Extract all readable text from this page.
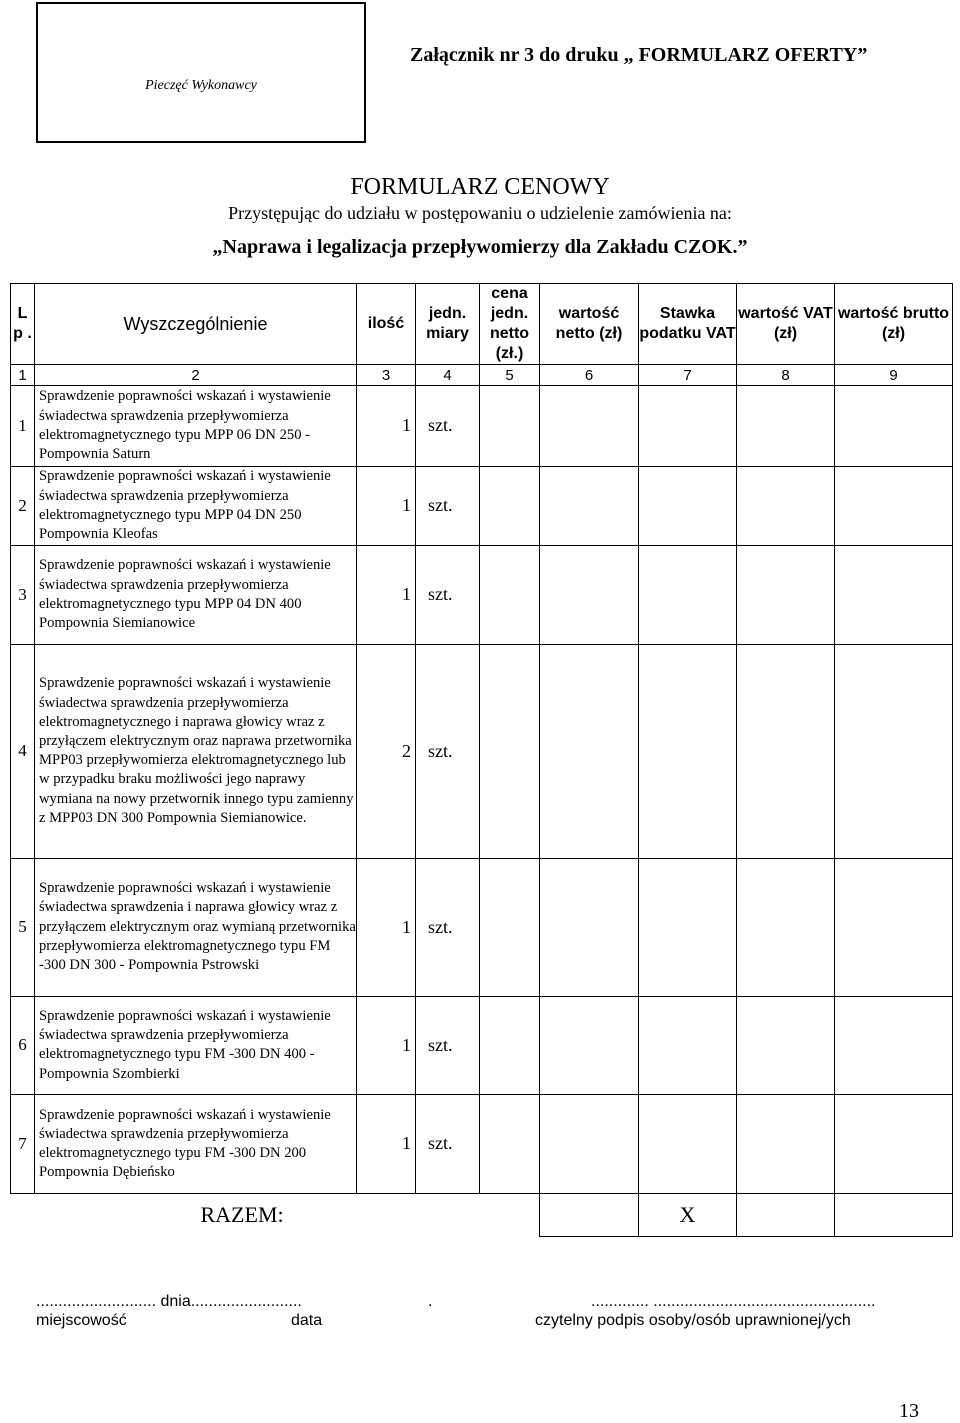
Pieczęć Wykonawcy
Załącznik nr 3 do druku „ FORMULARZ OFERTY”
FORMULARZ CENOWY
Przystępując do udziału w postępowaniu o udzielenie zamówienia na:
„Naprawa i legalizacja przepływomierzy dla Zakładu CZOK.”
L p .	Wyszczególnienie	ilość	jedn. miary	cena jedn. netto (zł.)	wartość netto (zł)	Stawka podatku VAT	wartość VAT (zł)	wartość brutto (zł)
1	2	3	4	5	6	7	8	9
1	Sprawdzenie poprawności wskazań i wystawienie świadectwa sprawdzenia przepływomierza elektromagnetycznego typu MPP 06 DN 250 - Pompownia Saturn	1	szt.					
2	Sprawdzenie poprawności wskazań i wystawienie świadectwa sprawdzenia przepływomierza elektromagnetycznego typu MPP 04 DN 250 Pompownia Kleofas	1	szt.					
3	Sprawdzenie poprawności wskazań i wystawienie świadectwa sprawdzenia przepływomierza elektromagnetycznego typu MPP 04 DN 400 Pompownia Siemianowice	1	szt.					
4	Sprawdzenie poprawności wskazań i wystawienie świadectwa sprawdzenia przepływomierza elektromagnetycznego i naprawa głowicy wraz z przyłączem elektrycznym oraz naprawa przetwornika MPP03 przepływomierza elektromagnetycznego lub w przypadku braku możliwości jego naprawy wymiana na nowy przetwornik innego typu zamienny z MPP03 DN 300 Pompownia Siemianowice.	2	szt.					
5	Sprawdzenie poprawności wskazań i wystawienie świadectwa sprawdzenia i naprawa głowicy wraz z przyłączem elektrycznym oraz wymianą przetwornika przepływomierza elektromagnetycznego typu FM -300 DN 300 - Pompownia Pstrowski	1	szt.					
6	Sprawdzenie poprawności wskazań i wystawienie świadectwa sprawdzenia przepływomierza elektromagnetycznego typu FM -300 DN 400 -Pompownia Szombierki	1	szt.					
7	Sprawdzenie poprawności wskazań i wystawienie świadectwa sprawdzenia przepływomierza elektromagnetycznego typu FM -300 DN 200 Pompownia Dębieńsko	1	szt.					
RAZEM:						X		
........................... dnia.........................	.	............. ..................................................
miejscowość	data	czytelny podpis osoby/osób uprawnionej/ych
13
